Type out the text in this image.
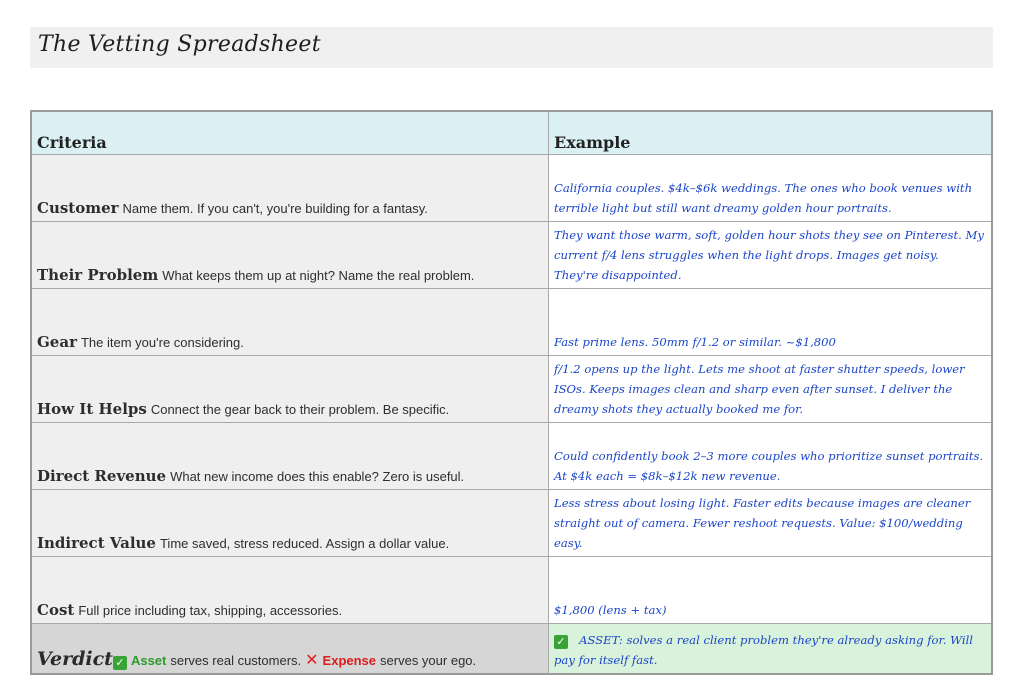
The Vetting Spreadsheet
Criteria	Example
Customer Name them. If you can't, you're building for a fantasy.	California couples. $4k–$6k weddings. The ones who book venues with terrible light but still want dreamy golden hour portraits.
Their Problem What keeps them up at night? Name the real problem.	They want those warm, soft, golden hour shots they see on Pinterest. My current f/4 lens struggles when the light drops. Images get noisy. They're disappointed.
Gear The item you're considering.	Fast prime lens. 50mm f/1.2 or similar. ~$1,800
How It Helps Connect the gear back to their problem. Be specific.	f/1.2 opens up the light. Lets me shoot at faster shutter speeds, lower ISOs. Keeps images clean and sharp even after sunset. I deliver the dreamy shots they actually booked me for.
Direct Revenue What new income does this enable? Zero is useful.	Could confidently book 2–3 more couples who prioritize sunset portraits. At $4k each = $8k–$12k new revenue.
Indirect Value Time saved, stress reduced. Assign a dollar value.	Less stress about losing light. Faster edits because images are cleaner straight out of camera. Fewer reshoot requests. Value: $100/wedding easy.
Cost Full price including tax, shipping, accessories.	$1,800 (lens + tax)
Verdict ✓ Asset serves real customers. ✕ Expense serves your ego.	✓ ASSET: solves a real client problem they're already asking for. Will pay for itself fast.
